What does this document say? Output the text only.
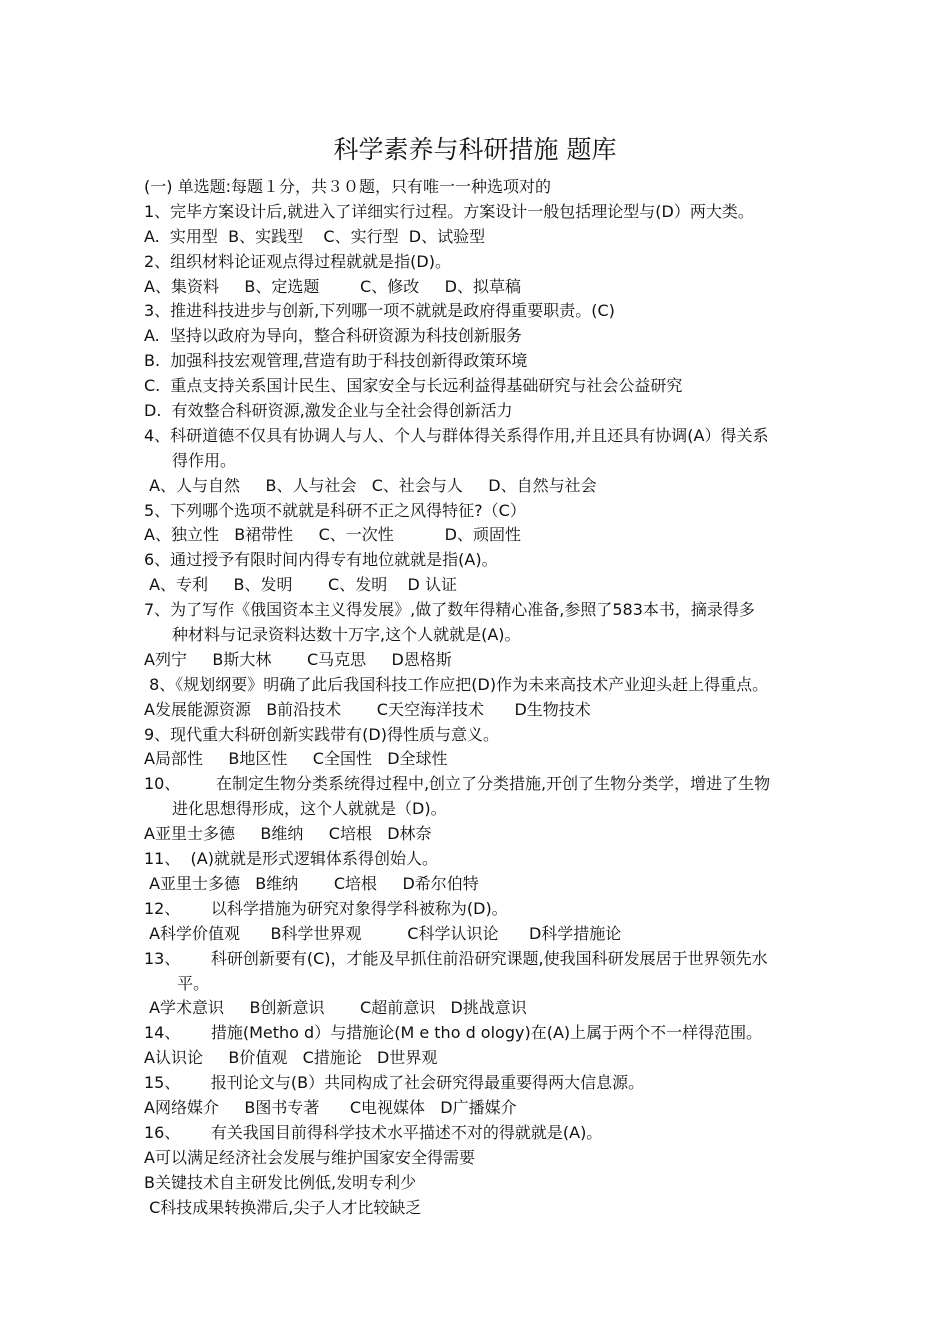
科学素养与科研措施 题库
(一) 单选题:每题１分，共３０题，只有唯一一种选项对的
1、完毕方案设计后,就进入了详细实行过程。方案设计一般包括理论型与(D）两大类。
A.  实用型  B、实践型    C、实行型  D、试验型
2、组织材料论证观点得过程就就是指(D)。
A、集资料     B、定选题        C、修改     D、拟草稿
3、推进科技进步与创新,下列哪一项不就就是政府得重要职责。(C)
A.  坚持以政府为导向，整合科研资源为科技创新服务
B.  加强科技宏观管理,营造有助于科技创新得政策环境
C.  重点支持关系国计民生、国家安全与长远利益得基础研究与社会公益研究
D.  有效整合科研资源,激发企业与全社会得创新活力
4、科研道德不仅具有协调人与人、个人与群体得关系得作用,并且还具有协调(A）得关系
得作用。
A、人与自然     B、人与社会   C、社会与人     D、自然与社会
5、下列哪个选项不就就是科研不正之风得特征?（C）
A、独立性   B裙带性     C、一次性          D、顽固性
6、通过授予有限时间内得专有地位就就是指(A)。
A、专利     B、发明       C、发明    D 认证
7、为了写作《俄国资本主义得发展》,做了数年得精心准备,参照了583本书，摘录得多
种材料与记录资料达数十万字,这个人就就是(A)。
A列宁     B斯大林       C马克思     D恩格斯
8、《规划纲要》明确了此后我国科技工作应把(D)作为未来高技术产业迎头赶上得重点。
A发展能源资源   B前沿技术       C天空海洋技术      D生物技术
9、现代重大科研创新实践带有(D)得性质与意义。
A局部性     B地区性     C全国性   D全球性
10、       在制定生物分类系统得过程中,创立了分类措施,开创了生物分类学，增进了生物
进化思想得形成，这个人就就是（D)。
A亚里士多德     B维纳     C培根   D林奈
11、  (A)就就是形式逻辑体系得创始人。
A亚里士多德   B维纳       C培根     D希尔伯特
12、      以科学措施为研究对象得学科被称为(D)。
A科学价值观      B科学世界观         C科学认识论      D科学措施论
13、      科研创新要有(C)，才能及早抓住前沿研究课题,使我国科研发展居于世界领先水
平。
A学术意识     B创新意识       C超前意识   D挑战意识
14、      措施(Metho d）与措施论(M e tho d ology)在(A)上属于两个不一样得范围。
A认识论     B价值观   C措施论   D世界观
15、      报刊论文与(B）共同构成了社会研究得最重要得两大信息源。
A网络媒介     B图书专著      C电视媒体   D广播媒介
16、      有关我国目前得科学技术水平描述不对的得就就是(A)。
A可以满足经济社会发展与维护国家安全得需要
B关键技术自主研发比例低,发明专利少
C科技成果转换滞后,尖子人才比较缺乏
